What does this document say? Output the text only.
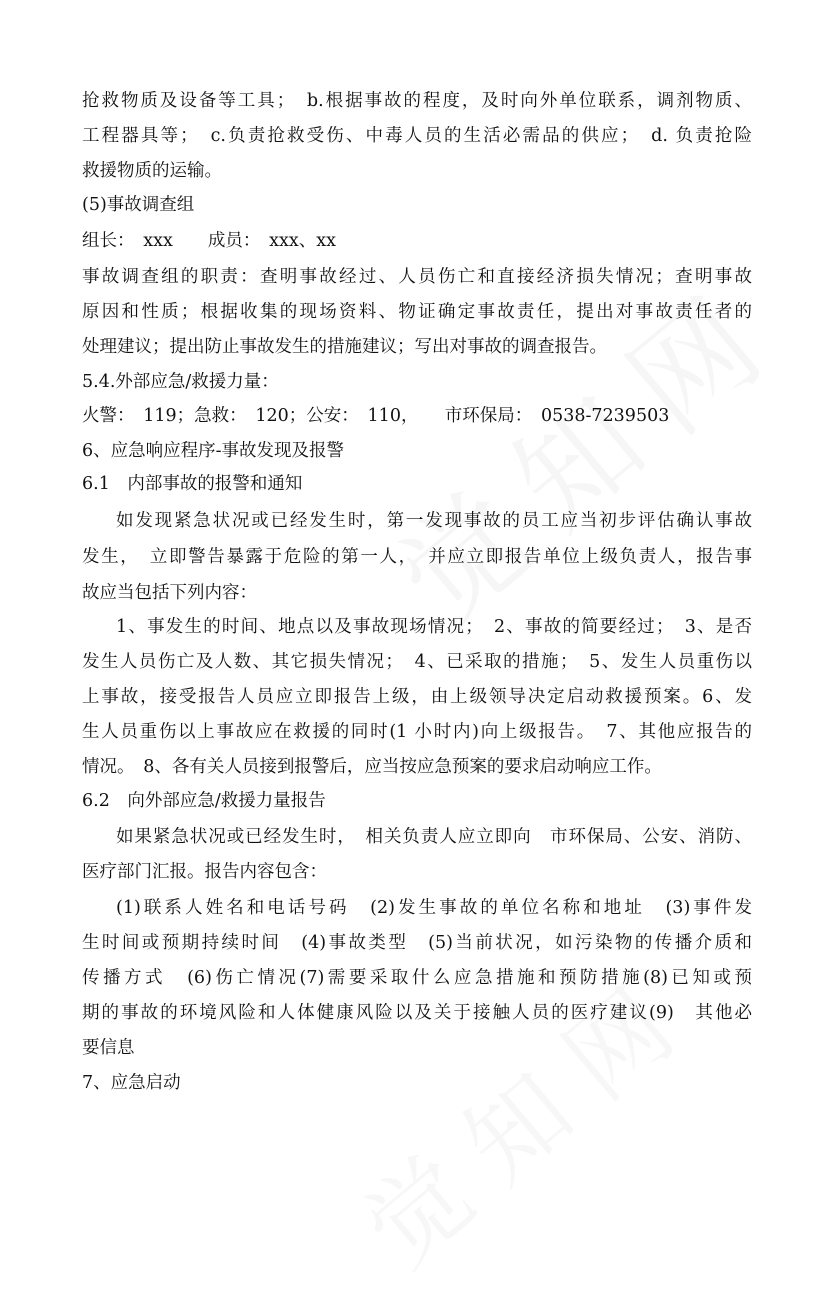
抢救物质及设备等工具；　b.根据事故的程度，及时向外单位联系，调剂物质、
工程器具等；　c.负责抢救受伤、中毒人员的生活必需品的供应；　d. 负责抢险
救援物质的运输。
(5)事故调查组
组长：　xxx　　成员：　xxx、xx
事故调查组的职责：查明事故经过、人员伤亡和直接经济损失情况；查明事故
原因和性质；根据收集的现场资料、物证确定事故责任，提出对事故责任者的
处理建议；提出防止事故发生的措施建议；写出对事故的调查报告。
5.4.外部应急/救援力量：
火警：　119；急救：　120；公安：　110，　　市环保局：　0538-7239503
6、应急响应程序-事故发现及报警
6.1　内部事故的报警和通知
如发现紧急状况或已经发生时，第一发现事故的员工应当初步评估确认事故
发生，　立即警告暴露于危险的第一人，　并应立即报告单位上级负责人，报告事
故应当包括下列内容：
1、事发生的时间、地点以及事故现场情况；　2、事故的简要经过；　3、是否
发生人员伤亡及人数、其它损失情况；　4、已采取的措施；　5、发生人员重伤以
上事故，接受报告人员应立即报告上级，由上级领导决定启动救援预案。6、发
生人员重伤以上事故应在救援的同时(1 小时内)向上级报告。　7、其他应报告的
情况。　8、各有关人员接到报警后，应当按应急预案的要求启动响应工作。
6.2　向外部应急/救援力量报告
如果紧急状况或已经发生时，　相关负责人应立即向　市环保局、公安、消防、
医疗部门汇报。报告内容包含：
(1)联系人姓名和电话号码　(2)发生事故的单位名称和地址　(3)事件发
生时间或预期持续时间　(4)事故类型　(5)当前状况，如污染物的传播介质和
传播方式　(6)伤亡情况(7)需要采取什么应急措施和预防措施(8)已知或预
期的事故的环境风险和人体健康风险以及关于接触人员的医疗建议(9)　其他必
要信息
7、应急启动
